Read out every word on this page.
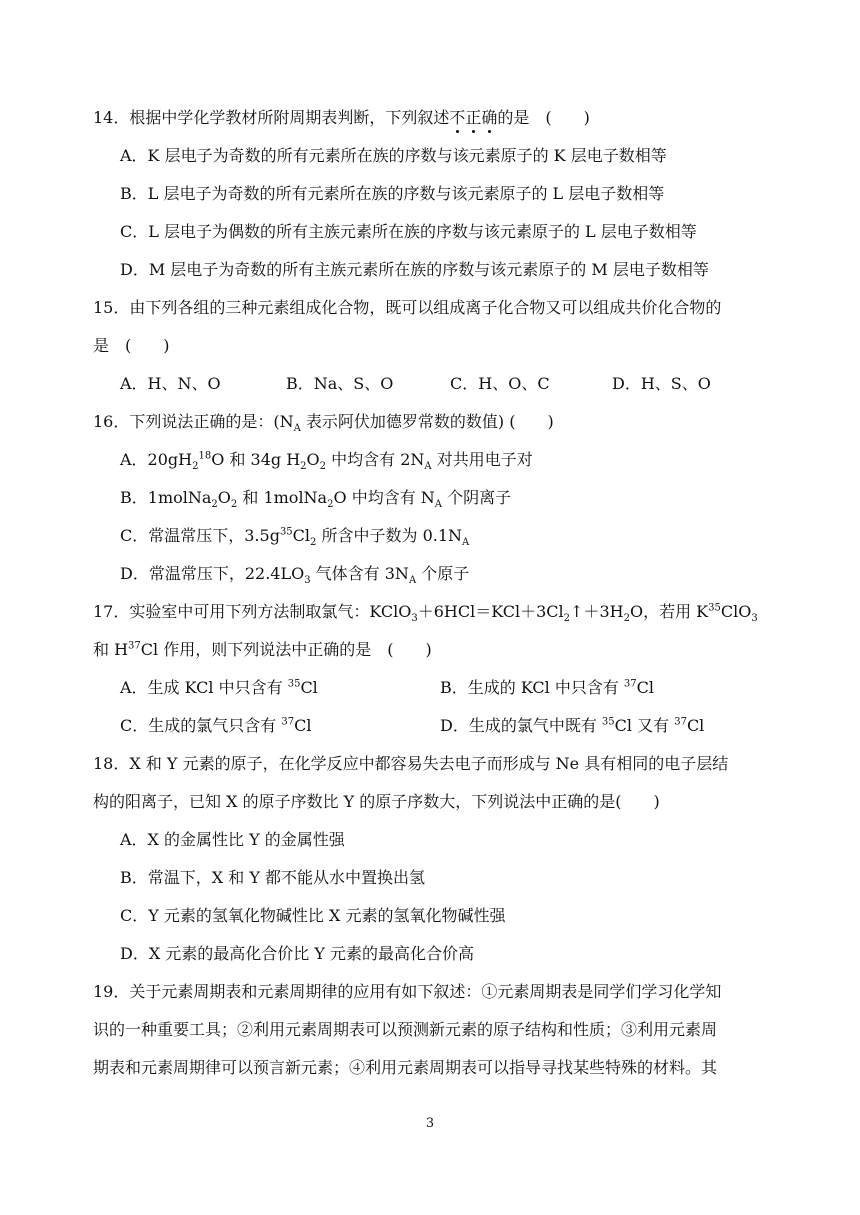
14．根据中学化学教材所附周期表判断，下列叙述不正确的是　(　　)
A．K 层电子为奇数的所有元素所在族的序数与该元素原子的 K 层电子数相等
B．L 层电子为奇数的所有元素所在族的序数与该元素原子的 L 层电子数相等
C．L 层电子为偶数的所有主族元素所在族的序数与该元素原子的 L 层电子数相等
D．M 层电子为奇数的所有主族元素所在族的序数与该元素原子的 M 层电子数相等
15．由下列各组的三种元素组成化合物，既可以组成离子化合物又可以组成共价化合物的
是　(　　)
A．H、N、O	B．Na、S、O	C．H、O、C	D．H、S、O
16．下列说法正确的是：($N_A$ 表示阿伏加德罗常数的数值) (　　)
A．$20gH_2^{18}O$ 和 34g $H_2O_2$ 中均含有 $2N_A$ 对共用电子对
B．$1molNa_2O_2$ 和 1molNa$_2$O 中均含有 $N_A$ 个阴离子
C．常温常压下，$3.5g^{35}Cl_2$ 所含中子数为 $0.1N_A$
D．常温常压下，$22.4LO_3$ 气体含有 $3N_A$ 个原子
17．实验室中可用下列方法制取氯气：$KClO_3+6HCl=KCl+3Cl_2↑+3H_2O$，若用 $K^{35}ClO_3$
和 $H^{37}Cl$ 作用，则下列说法中正确的是　(　　)
A．生成 KCl 中只含有 $^{35}$Cl	B．生成的 KCl 中只含有 $^{37}$Cl
C．生成的氯气只含有 $^{37}$Cl	D．生成的氯气中既有 $^{35}$Cl 又有 $^{37}$Cl
18．X 和 Y 元素的原子，在化学反应中都容易失去电子而形成与 Ne 具有相同的电子层结
构的阳离子，已知 X 的原子序数比 Y 的原子序数大，下列说法中正确的是(　　)
A．X 的金属性比 Y 的金属性强
B．常温下，X 和 Y 都不能从水中置换出氢
C．Y 元素的氢氧化物碱性比 X 元素的氢氧化物碱性强
D．X 元素的最高化合价比 Y 元素的最高化合价高
19．关于元素周期表和元素周期律的应用有如下叙述：①元素周期表是同学们学习化学知
识的一种重要工具；②利用元素周期表可以预测新元素的原子结构和性质；③利用元素周
期表和元素周期律可以预言新元素；④利用元素周期表可以指导寻找某些特殊的材料。其
3
